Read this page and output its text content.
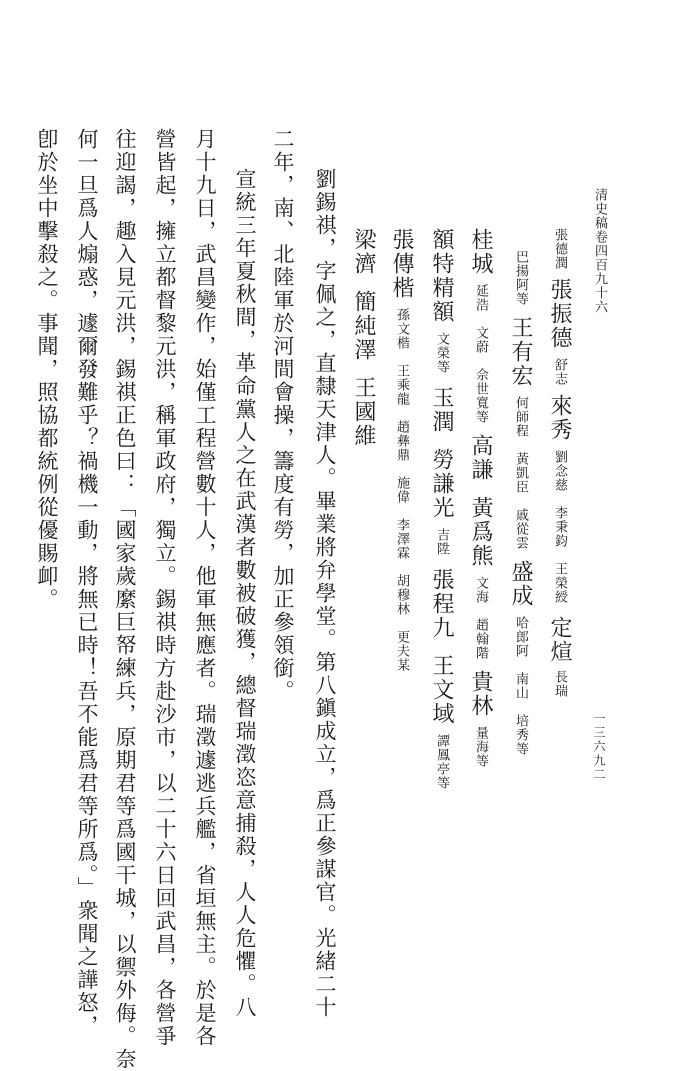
清史稿卷四百九十六
一三六九二
張德潤張振德舒志來秀劉念慈李秉鈞王榮綬定煊長瑞
巴揚阿等王有宏何師程黃凱臣戚從雲盛成哈郎阿南山培秀等
桂城延浩文蔚佘世寬等高謙黃爲熊文海趙翰階貴林量海等
額特精額文榮等玉潤勞謙光吉陞張程九王文域譚鳳亭等
張傳楷孫文楷王乘龍趙彝鼎施偉李澤霖胡穆林更夫某
梁濟簡純澤王國維
劉錫祺，字佩之，直隸天津人。畢業將弁學堂。第八鎭成立，爲正參謀官。光緒二十
二年，南、北陸軍於河間會操，籌度有勞，加正參領銜。
宣統三年夏秋間，革命黨人之在武漢者數被破獲，總督瑞澂恣意捕殺，人人危懼。八
月十九日，武昌變作，始僅工程營數十人，他軍無應者。瑞澂遽逃兵艦，省垣無主。於是各
營皆起，擁立都督黎元洪，稱軍政府，獨立。錫祺時方赴沙市，以二十六日回武昌，各營爭
往迎謁，趣入見元洪，錫祺正色曰：「國家歲縻巨帑練兵，原期君等爲國干城，以禦外侮。奈
何一旦爲人煽惑，遽爾發難乎？禍機一動，將無已時！吾不能爲君等所爲。」衆聞之譁怒，
卽於坐中擊殺之。事聞，照協都統例從優賜卹。
